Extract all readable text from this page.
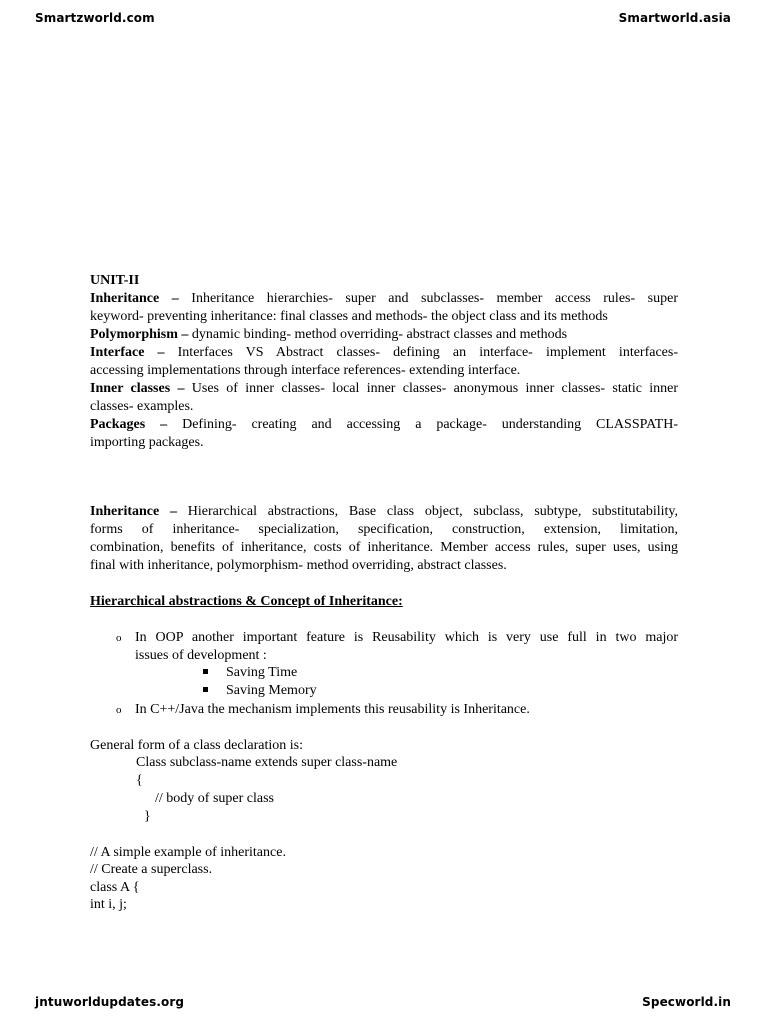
Smartzworld.com	Smartworld.asia

UNIT-II

Inheritance – Inheritance hierarchies- super and subclasses- member access rules- super

keyword- preventing inheritance: final classes and methods- the object class and its methods

Polymorphism – dynamic binding- method overriding- abstract classes and methods

Interface – Interfaces VS Abstract classes- defining an interface- implement interfaces-

accessing implementations through interface references- extending interface.

Inner classes – Uses of inner classes- local inner classes- anonymous inner classes- static inner

classes- examples.

Packages – Defining- creating and accessing a package- understanding CLASSPATH-

importing packages.

Inheritance – Hierarchical abstractions, Base class object, subclass, subtype, substitutability,

forms of inheritance- specialization, specification, construction, extension, limitation,

combination, benefits of inheritance, costs of inheritance. Member access rules, super uses, using

final with inheritance, polymorphism- method overriding, abstract classes.

Hierarchical abstractions & Concept of Inheritance:

o In OOP another important feature is Reusability which is very use full in two major

issues of development :

Saving Time
Saving Memory
o In C++/Java the mechanism implements this reusability is Inheritance.
General form of a class declaration is:
Class subclass-name extends super class-name
{
// body of super class
}
// A simple example of inheritance.
// Create a superclass.
class A {
int i, j;
jntuworldupdates.org	Specworld.in
